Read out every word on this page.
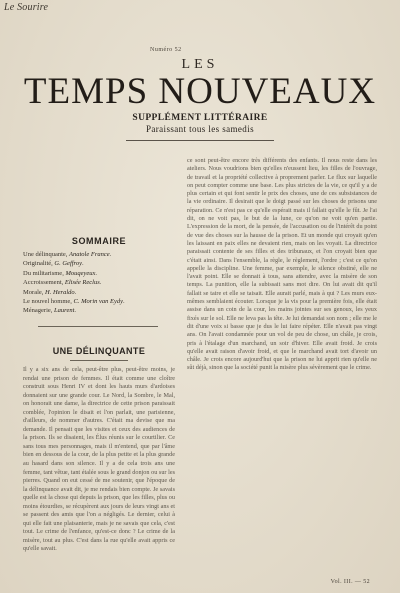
Le Sourire
Numéro 52
LES
TEMPS NOUVEAUX
SUPPLÉMENT LITTÉRAIRE
Paraissant tous les samedis
SOMMAIRE
Une délinquante, Anatole France.
Originalité, G. Geffroy.
Du militarisme, Mouqeyeux.
Accroissement, Elisée Reclus.
Morale, H. Heraldo.
Le nouvel homme, C. Morin van Eydy.
Ménagerie, Laurent.
UNE DÉLINQUANTE

Il y a six ans de cela, peut-être plus, peut-être moins, je rendai une prison de femmes. Il était comme une cloître construit sous Henri IV et dont les hauts murs d'ardoises donnaient sur une grande cour. Le Nord, la Sombre, le Mal, on honorait une dame, la directrice de cette prison paraissait comblée, l'opinion le disait et l'on parlait, une parisienne, d'ailleurs, de nommer d'autres. C'était ma devise que ma demande. Il pensait que les visites et ceux des audiences de la prison. Ils se disaient, les Élus réunis sur le courtilier. Ce sans tous mes personnages, mais il m'entend, que par l'âme bien en dessous de la cour, de la plus petite et la plus grande au hasard dans son silence. Il y a de cela trois ans une femme, tant vêtue, tant étalée sous le grand donjon ou sur les pierres. Quand on eut cessé de me soutenir, que l'époque de la délinquance avait dit, je me rendais bien compte. Je savais quelle est la chose qui depuis la prison, que les filles, plus ou moins étourdies, se récupèrent aux jours de leurs vingt ans et se passent des amis que l'on a négligés. Le dernier, celui à qui elle fait une plaisanterie, mais je ne savais que cela, c'est tout. Le crime de l'enfance, qu'est-ce donc ? Le crime de la misère, tout au plus. C'est dans la rue qu'elle avait appris ce qu'elle savait.

ce sont peut-être encore très différents des enfants. Il nous reste dans les ateliers. Nous voudrions bien qu'elles n'eussent lieu, les filles de l'ouvrage, de travail et la propriété collective à proprement parler. Le flux sur laquelle on peut compter comme une base. Les plus strictes de la vie, ce qu'il y a de plus certain et qui font sentir le prix des choses, une de ces subsistances de la vie ordinaire. Il desirait que le doigt passé sur les choses de prisons une réparation. Ce n'est pas ce qu'elle espérait mais il fallait qu'elle le fût. Je l'ai dit, on ne voit pas, le but de la lune, ce qu'on ne voit qu'en partie. L'expression de la mort, de la pensée, de l'accusation ou de l'intérêt du point de vue des choses sur la hausse de la prison. Et un monde qui croyait qu'en les laissant en paix elles ne devaient rien, mais on les voyait. La directrice paraissait contente de ses filles et des tribunaux, et l'on croyait bien que c'était ainsi. Dans l'ensemble, la règle, le règlement, l'ordre ; c'est ce qu'on appelle la discipline. Une femme, par exemple, le silence obstiné, elle ne l'avait point. Elle se donnait à tous, sans attendre, avec la misère de son temps. La punition, elle la subissait sans mot dire. On lui avait dit qu'il fallait se taire et elle se taisait. Elle aurait parlé, mais à qui ? Les murs eux-mêmes semblaient écouter. Lorsque je la vis pour la première fois, elle était assise dans un coin de la cour, les mains jointes sur ses genoux, les yeux fixés sur le sol. Elle ne leva pas la tête. Je lui demandai son nom ; elle me le dit d'une voix si basse que je dus le lui faire répéter. Elle n'avait pas vingt ans. On l'avait condamnée pour un vol de peu de chose, un châle, je crois, pris à l'étalage d'un marchand, un soir d'hiver. Elle avait froid. Je crois qu'elle avait raison d'avoir froid, et que le marchand avait tort d'avoir un châle. Je crois encore aujourd'hui que la prison ne lui apprit rien qu'elle ne sût déjà, sinon que la société punit la misère plus sévèrement que le crime.

Vol. III. — 52
